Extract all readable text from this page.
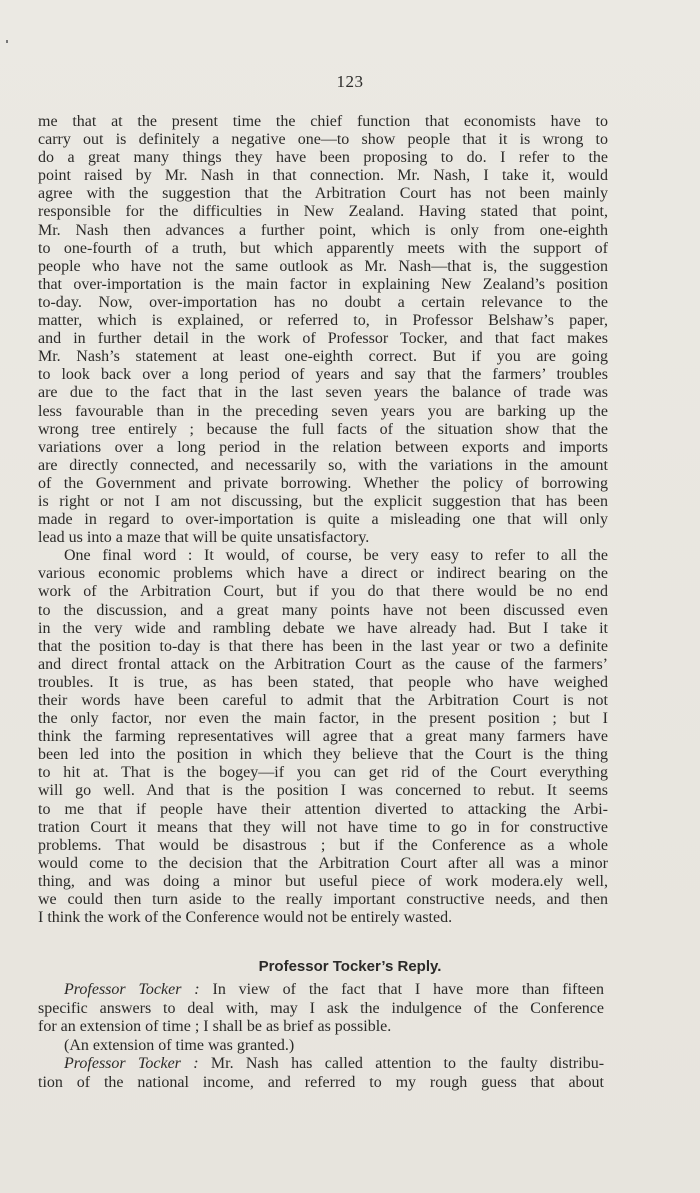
123
me that at the present time the chief function that economists have to
carry out is definitely a negative one—to show people that it is wrong to
do a great many things they have been proposing to do. I refer to the
point raised by Mr. Nash in that connection. Mr. Nash, I take it, would
agree with the suggestion that the Arbitration Court has not been mainly
responsible for the difficulties in New Zealand. Having stated that point,
Mr. Nash then advances a further point, which is only from one-eighth
to one-fourth of a truth, but which apparently meets with the support of
people who have not the same outlook as Mr. Nash—that is, the suggestion
that over-importation is the main factor in explaining New Zealand’s position
to-day. Now, over-importation has no doubt a certain relevance to the
matter, which is explained, or referred to, in Professor Belshaw’s paper,
and in further detail in the work of Professor Tocker, and that fact makes
Mr. Nash’s statement at least one-eighth correct. But if you are going
to look back over a long period of years and say that the farmers’ troubles
are due to the fact that in the last seven years the balance of trade was
less favourable than in the preceding seven years you are barking up the
wrong tree entirely ; because the full facts of the situation show that the
variations over a long period in the relation between exports and imports
are directly connected, and necessarily so, with the variations in the amount
of the Government and private borrowing. Whether the policy of borrowing
is right or not I am not discussing, but the explicit suggestion that has been
made in regard to over-importation is quite a misleading one that will only
lead us into a maze that will be quite unsatisfactory.
One final word : It would, of course, be very easy to refer to all the
various economic problems which have a direct or indirect bearing on the
work of the Arbitration Court, but if you do that there would be no end
to the discussion, and a great many points have not been discussed even
in the very wide and rambling debate we have already had. But I take it
that the position to-day is that there has been in the last year or two a definite
and direct frontal attack on the Arbitration Court as the cause of the farmers’
troubles. It is true, as has been stated, that people who have weighed
their words have been careful to admit that the Arbitration Court is not
the only factor, nor even the main factor, in the present position ; but I
think the farming representatives will agree that a great many farmers have
been led into the position in which they believe that the Court is the thing
to hit at. That is the bogey—if you can get rid of the Court everything
will go well. And that is the position I was concerned to rebut. It seems
to me that if people have their attention diverted to attacking the Arbi-
tration Court it means that they will not have time to go in for constructive
problems. That would be disastrous ; but if the Conference as a whole
would come to the decision that the Arbitration Court after all was a minor
thing, and was doing a minor but useful piece of work modera.ely well,
we could then turn aside to the really important constructive needs, and then
I think the work of the Conference would not be entirely wasted.
Professor Tocker’s Reply.
Professor Tocker : In view of the fact that I have more than fifteen
specific answers to deal with, may I ask the indulgence of the Conference
for an extension of time ; I shall be as brief as possible.
(An extension of time was granted.)
Professor Tocker : Mr. Nash has called attention to the faulty distribu-
tion of the national income, and referred to my rough guess that about
